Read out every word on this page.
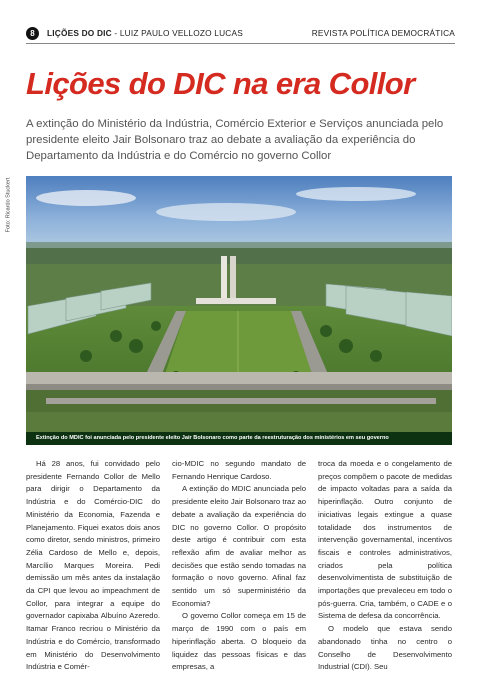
8	LIÇÕES DO DIC - LUIZ PAULO VELLOZO LUCAS	REVISTA POLÍTICA DEMOCRÁTICA
Lições do DIC na era Collor

A extinção do Ministério da Indústria, Comércio Exterior e Serviços anunciada pelo presidente eleito Jair Bolsonaro traz ao debate a avaliação da experiência do Departamento da Indústria e do Comércio no governo Collor

Foto: Ricardo Stuckert
Extinção do MDIC foi anunciada pelo presidente eleito Jair Bolsonaro como parte da reestruturação dos ministérios em seu governo

Há 28 anos, fui convidado pelo presidente Fernando Collor de Mello para dirigir o Departamento da Indústria e do Comércio-DIC do Ministério da Economia, Fazenda e Planejamento. Fiquei exatos dois anos como diretor, sendo ministros, primeiro Zélia Cardoso de Mello e, depois, Marcílio Marques Moreira. Pedi demissão um mês antes da instalação da CPI que levou ao impeachment de Collor, para integrar a equipe do governador capixaba Albuíno Azeredo. Itamar Franco recriou o Ministério da Indústria e do Comércio, transformado em Ministério do Desenvolvimento Indústria e Comér-

cio-MDIC no segundo mandato de Fernando Henrique Cardoso.

A extinção do MDIC anunciada pelo presidente eleito Jair Bolsonaro traz ao debate a avaliação da experiência do DIC no governo Collor. O propósito deste artigo é contribuir com esta reflexão afim de avaliar melhor as decisões que estão sendo tomadas na formação o novo governo. Afinal faz sentido um só superministério da Economia?

O governo Collor começa em 15 de março de 1990 com o país em hiperinflação aberta. O bloqueio da liquidez das pessoas físicas e das empresas, a

troca da moeda e o congelamento de preços compõem o pacote de medidas de impacto voltadas para a saída da hiperinflação. Outro conjunto de iniciativas legais extingue a quase totalidade dos instrumentos de intervenção governamental, incentivos fiscais e controles administrativos, criados pela política desenvolvimentista de substituição de importações que prevaleceu em todo o pós-guerra. Cria, também, o CADE e o Sistema de defesa da concorrência.

O modelo que estava sendo abandonado tinha no centro o Conselho de Desenvolvimento Industrial (CDI). Seu
